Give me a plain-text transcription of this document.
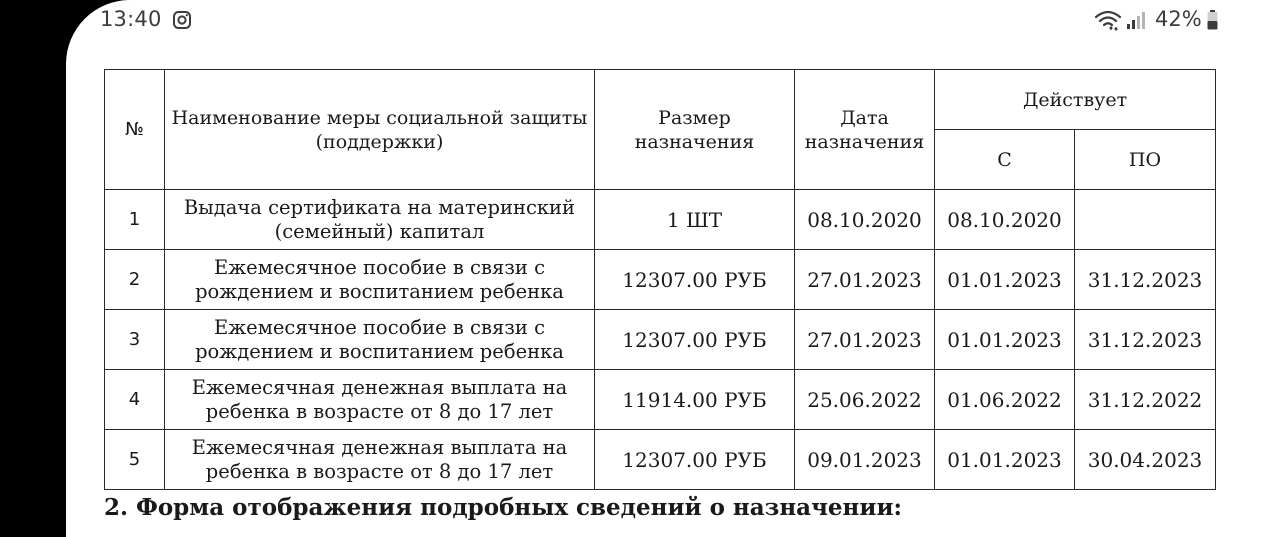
13:40	42%
№	Наименование меры социальной защиты (поддержки)	Размер назначения	Дата назначения	Действует	
				С	ПО
1	Выдача сертификата на материнский (семейный) капитал	1 ШТ	08.10.2020	08.10.2020	
2	Ежемесячное пособие в связи с рождением и воспитанием ребенка	12307.00 РУБ	27.01.2023	01.01.2023	31.12.2023
3	Ежемесячное пособие в связи с рождением и воспитанием ребенка	12307.00 РУБ	27.01.2023	01.01.2023	31.12.2023
4	Ежемесячная денежная выплата на ребенка в возрасте от 8 до 17 лет	11914.00 РУБ	25.06.2022	01.06.2022	31.12.2022
5	Ежемесячная денежная выплата на ребенка в возрасте от 8 до 17 лет	12307.00 РУБ	09.01.2023	01.01.2023	30.04.2023
2. Форма отображения подробных сведений о назначении:
